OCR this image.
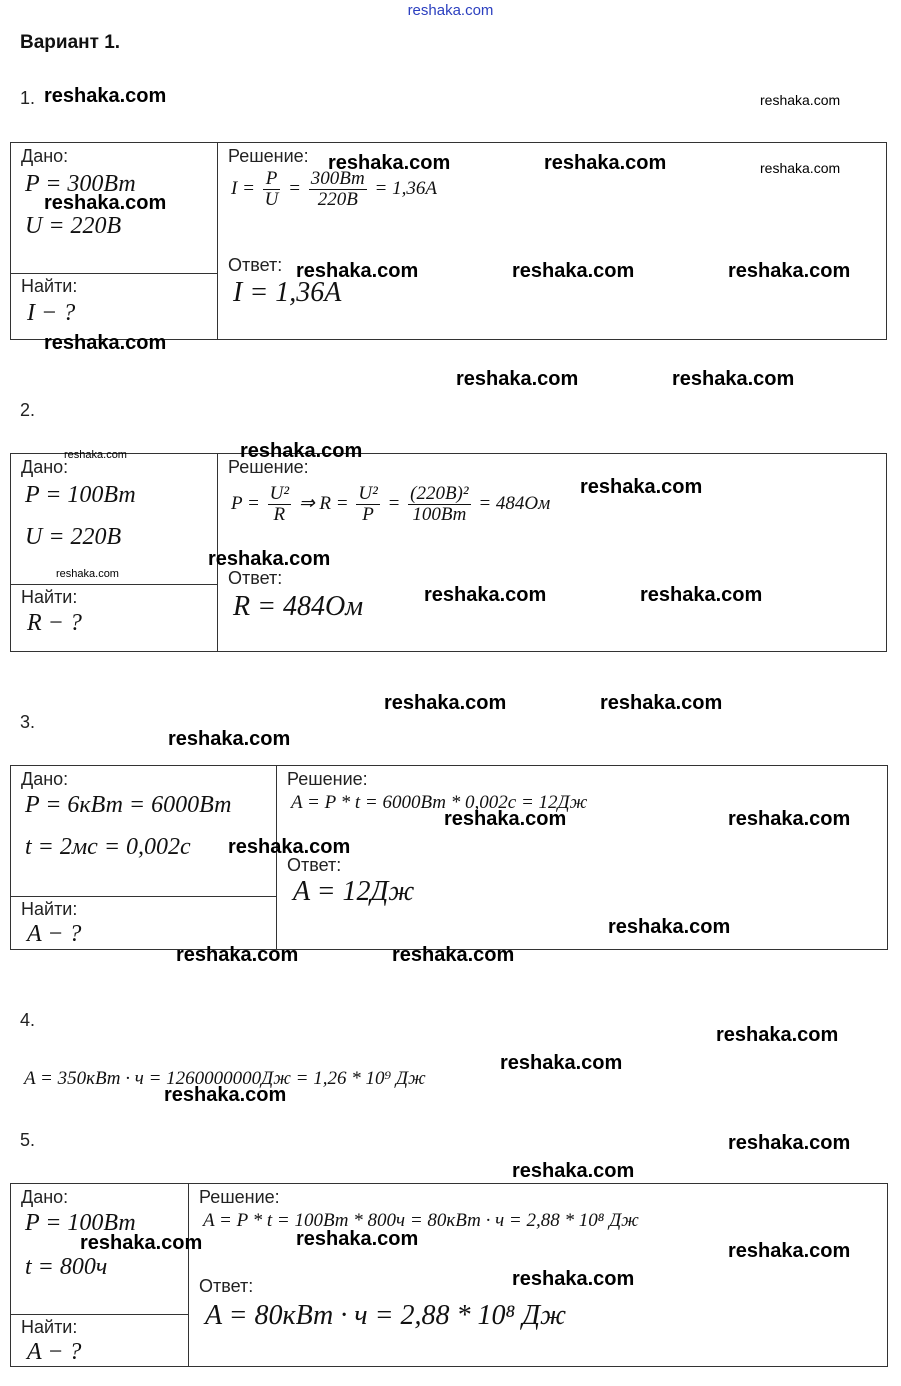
reshaka.com
Вариант 1.
1.
Дано:
P = 300Вт
U = 220В
Найти:
I − ?
Решение:
$I = \frac{P}{U} = \frac{300Вт}{220В} = 1,36А$
Ответ:
I = 1,36А
2.
Дано:
P = 100Вт
U = 220В
Найти:
R − ?
Решение:
$P = \frac{\text{U²}}{R}$ ⇒ $R = \frac{\text{U²}}{P} = \frac{\text{(220В)²}}{100Вт} = 484Ом$
Ответ:
R = 484Ом
3.
Дано:
P = 6кВт = 6000Вт
t = 2мс = 0,002с
Найти:
A − ?
Решение:
A = P * t = 6000Вт * 0,002с = 12Дж
Ответ:
A = 12Дж
4.
A = 350кВт · ч = 1260000000Дж = 1,26 * 10⁹ Дж
5.
Дано:
P = 100Вт
t = 800ч
Найти:
A − ?
Решение:
A = P * t = 100Вт * 800ч = 80кВт · ч = 2,88 * 10⁸ Дж
Ответ:
A = 80кВт · ч = 2,88 * 10⁸ Дж
reshaka.com	reshaka.com
reshaka.com	reshaka.com	reshaka.com
reshaka.com
reshaka.com	reshaka.com	reshaka.com
reshaka.com
reshaka.com	reshaka.com
reshaka.com
reshaka.com
reshaka.com
reshaka.com
reshaka.com
reshaka.com	reshaka.com
reshaka.com	reshaka.com
reshaka.com
reshaka.com	reshaka.com
reshaka.com
reshaka.com
reshaka.com	reshaka.com
reshaka.com
reshaka.com
reshaka.com
reshaka.com
reshaka.com
reshaka.com	reshaka.com
reshaka.com
reshaka.com
